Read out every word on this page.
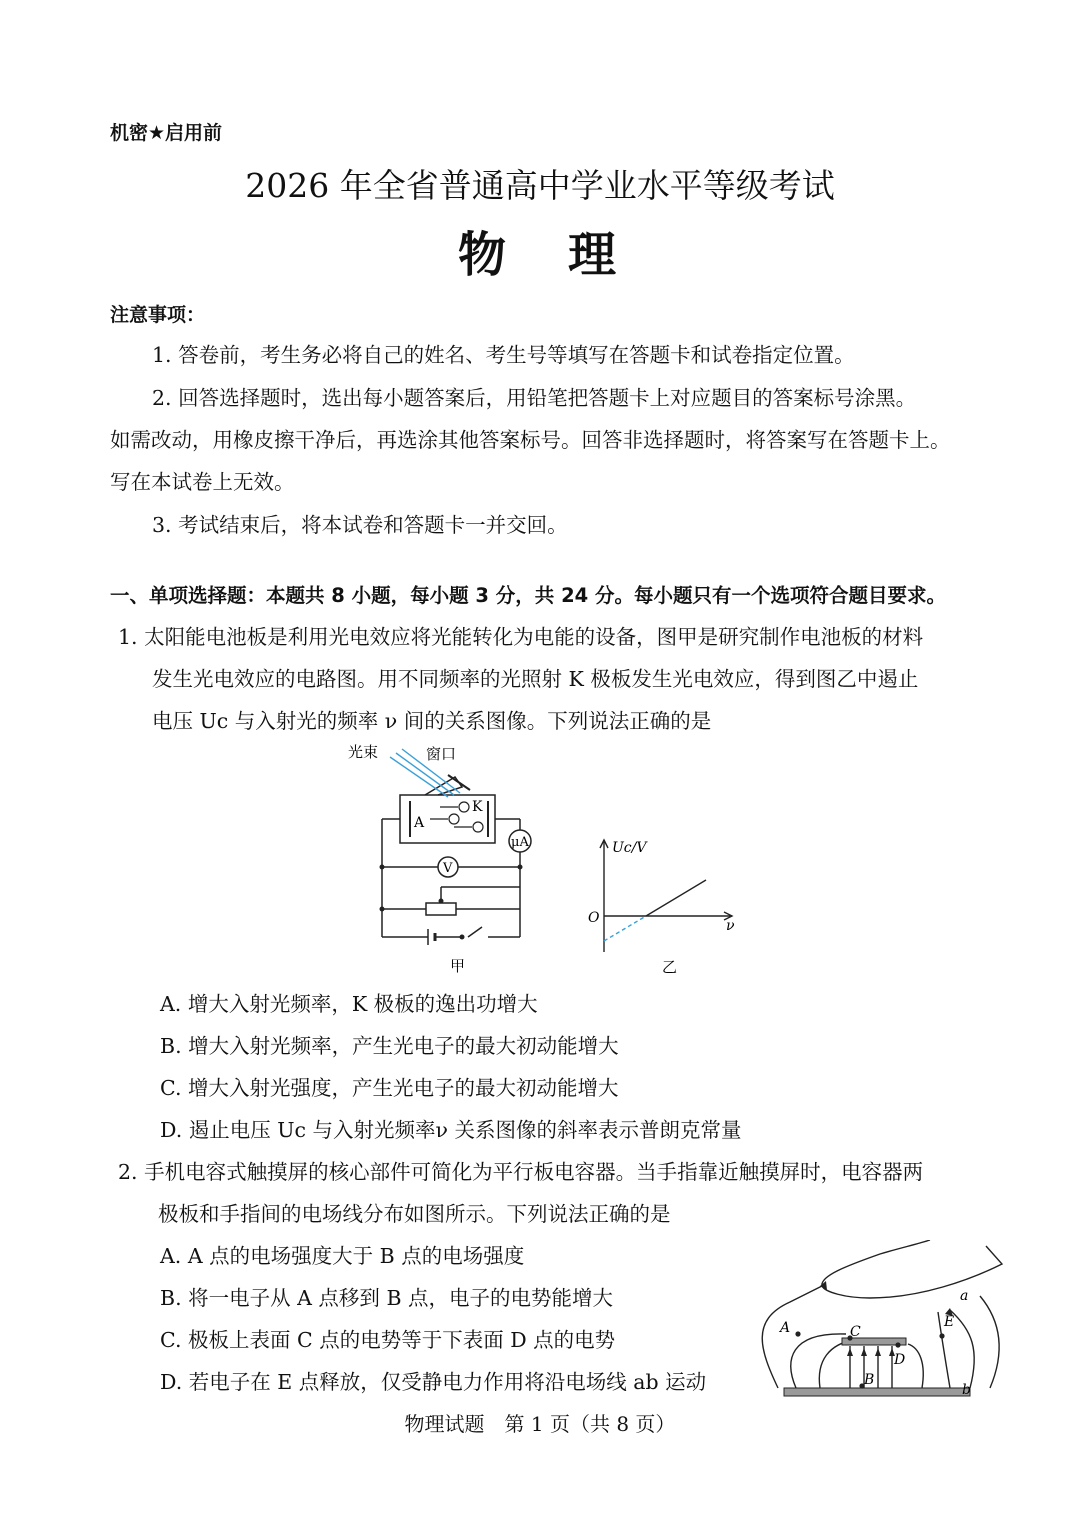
机密★启用前
2026 年全省普通高中学业水平等级考试
物 理
注意事项：
1. 答卷前，考生务必将自己的姓名、考生号等填写在答题卡和试卷指定位置。
2. 回答选择题时，选出每小题答案后，用铅笔把答题卡上对应题目的答案标号涂黑。
如需改动，用橡皮擦干净后，再选涂其他答案标号。回答非选择题时，将答案写在答题卡上。
写在本试卷上无效。
3. 考试结束后，将本试卷和答题卡一并交回。
一、单项选择题：本题共 8 小题，每小题 3 分，共 24 分。每小题只有一个选项符合题目要求。
1. 太阳能电池板是利用光电效应将光能转化为电能的设备，图甲是研究制作电池板的材料
发生光电效应的电路图。用不同频率的光照射 K 极板发生光电效应，得到图乙中遏止
电压 Uc 与入射光的频率 ν 间的关系图像。下列说法正确的是
光束	窗口
K
A
μA
V
甲
Uc/V
O	ν
乙
A. 增大入射光频率，K 极板的逸出功增大
B. 增大入射光频率，产生光电子的最大初动能增大
C. 增大入射光强度，产生光电子的最大初动能增大
D. 遏止电压 Uc 与入射光频率ν 关系图像的斜率表示普朗克常量
2. 手机电容式触摸屏的核心部件可简化为平行板电容器。当手指靠近触摸屏时，电容器两
极板和手指间的电场线分布如图所示。下列说法正确的是
A. A 点的电场强度大于 B 点的电场强度
B. 将一电子从 A 点移到 B 点，电子的电势能增大
C. 极板上表面 C 点的电势等于下表面 D 点的电势
D. 若电子在 E 点释放，仅受静电力作用将沿电场线 ab 运动
A
B
C
D
E
a
b
物理试题　第 1 页（共 8 页）
